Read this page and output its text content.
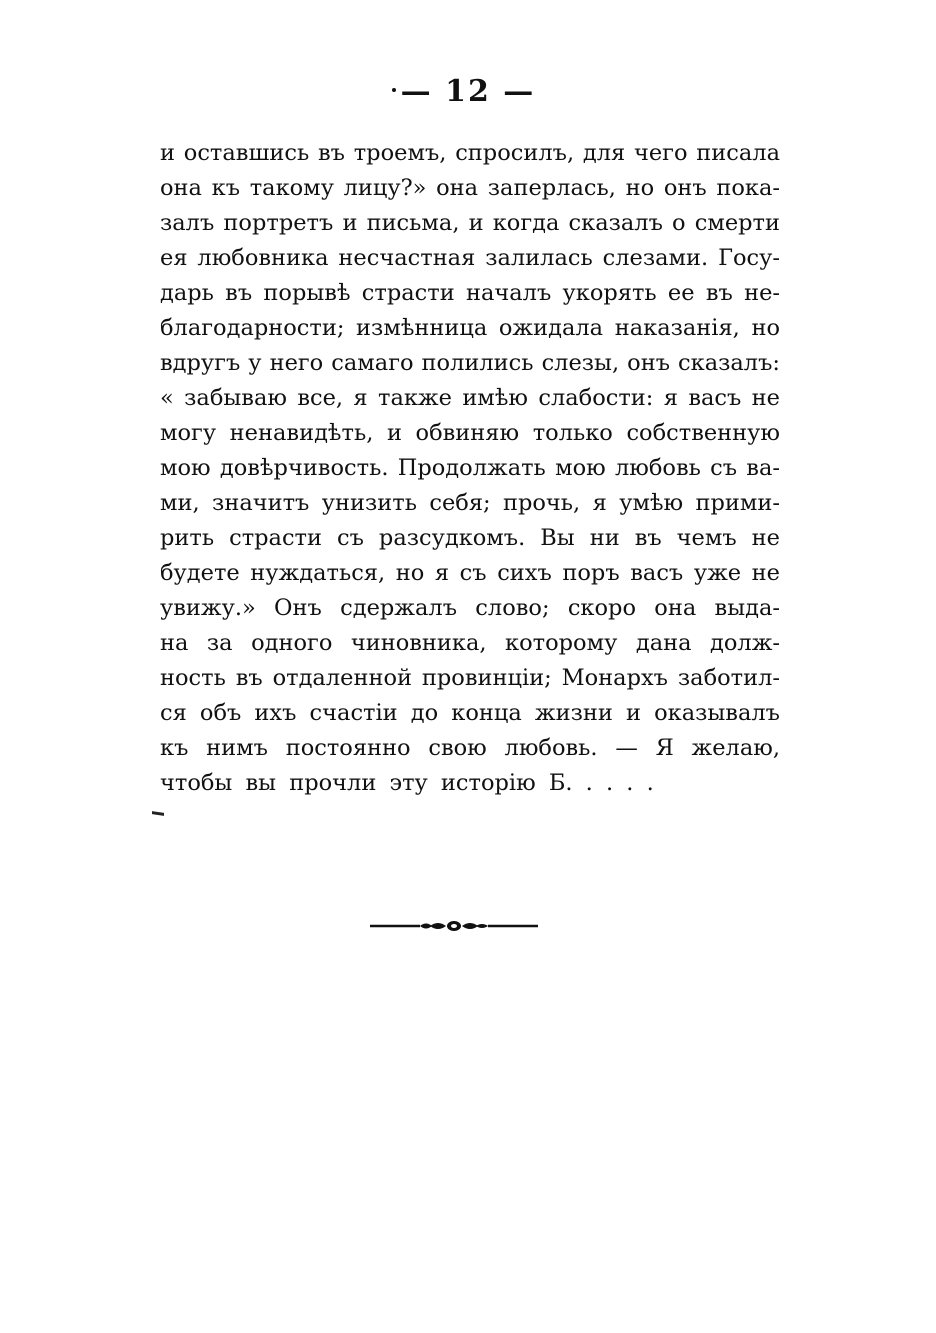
— 12 —
и оставшись въ троемъ, спросилъ, для чего писала
она къ такому лицу?» она заперлась, но онъ пока-
залъ портретъ и письма, и когда сказалъ о смерти
ея любовника несчастная залилась слезами. Госу-
дарь въ порывѣ страсти началъ укорять ее въ не-
благодарности; измѣнница ожидала наказанія, но
вдругъ у него самаго полились слезы, онъ сказалъ:
« забываю все, я также имѣю слабости: я васъ не
могу ненавидѣть, и обвиняю только собственную
мою довѣрчивость. Продолжать мою любовь съ ва-
ми, значитъ унизить себя; прочь, я умѣю прими-
рить страсти съ разсудкомъ. Вы ни въ чемъ не
будете нуждаться, но я съ сихъ поръ васъ уже не
увижу.» Онъ сдержалъ слово; скоро она выда-
на за одного чиновника, которому дана долж-
ность въ отдаленной провинціи; Монархъ заботил-
ся объ ихъ счастіи до конца жизни и оказывалъ
къ нимъ постоянно свою любовь. — Я желаю,
чтобы вы прочли эту исторію Б. . . . .
